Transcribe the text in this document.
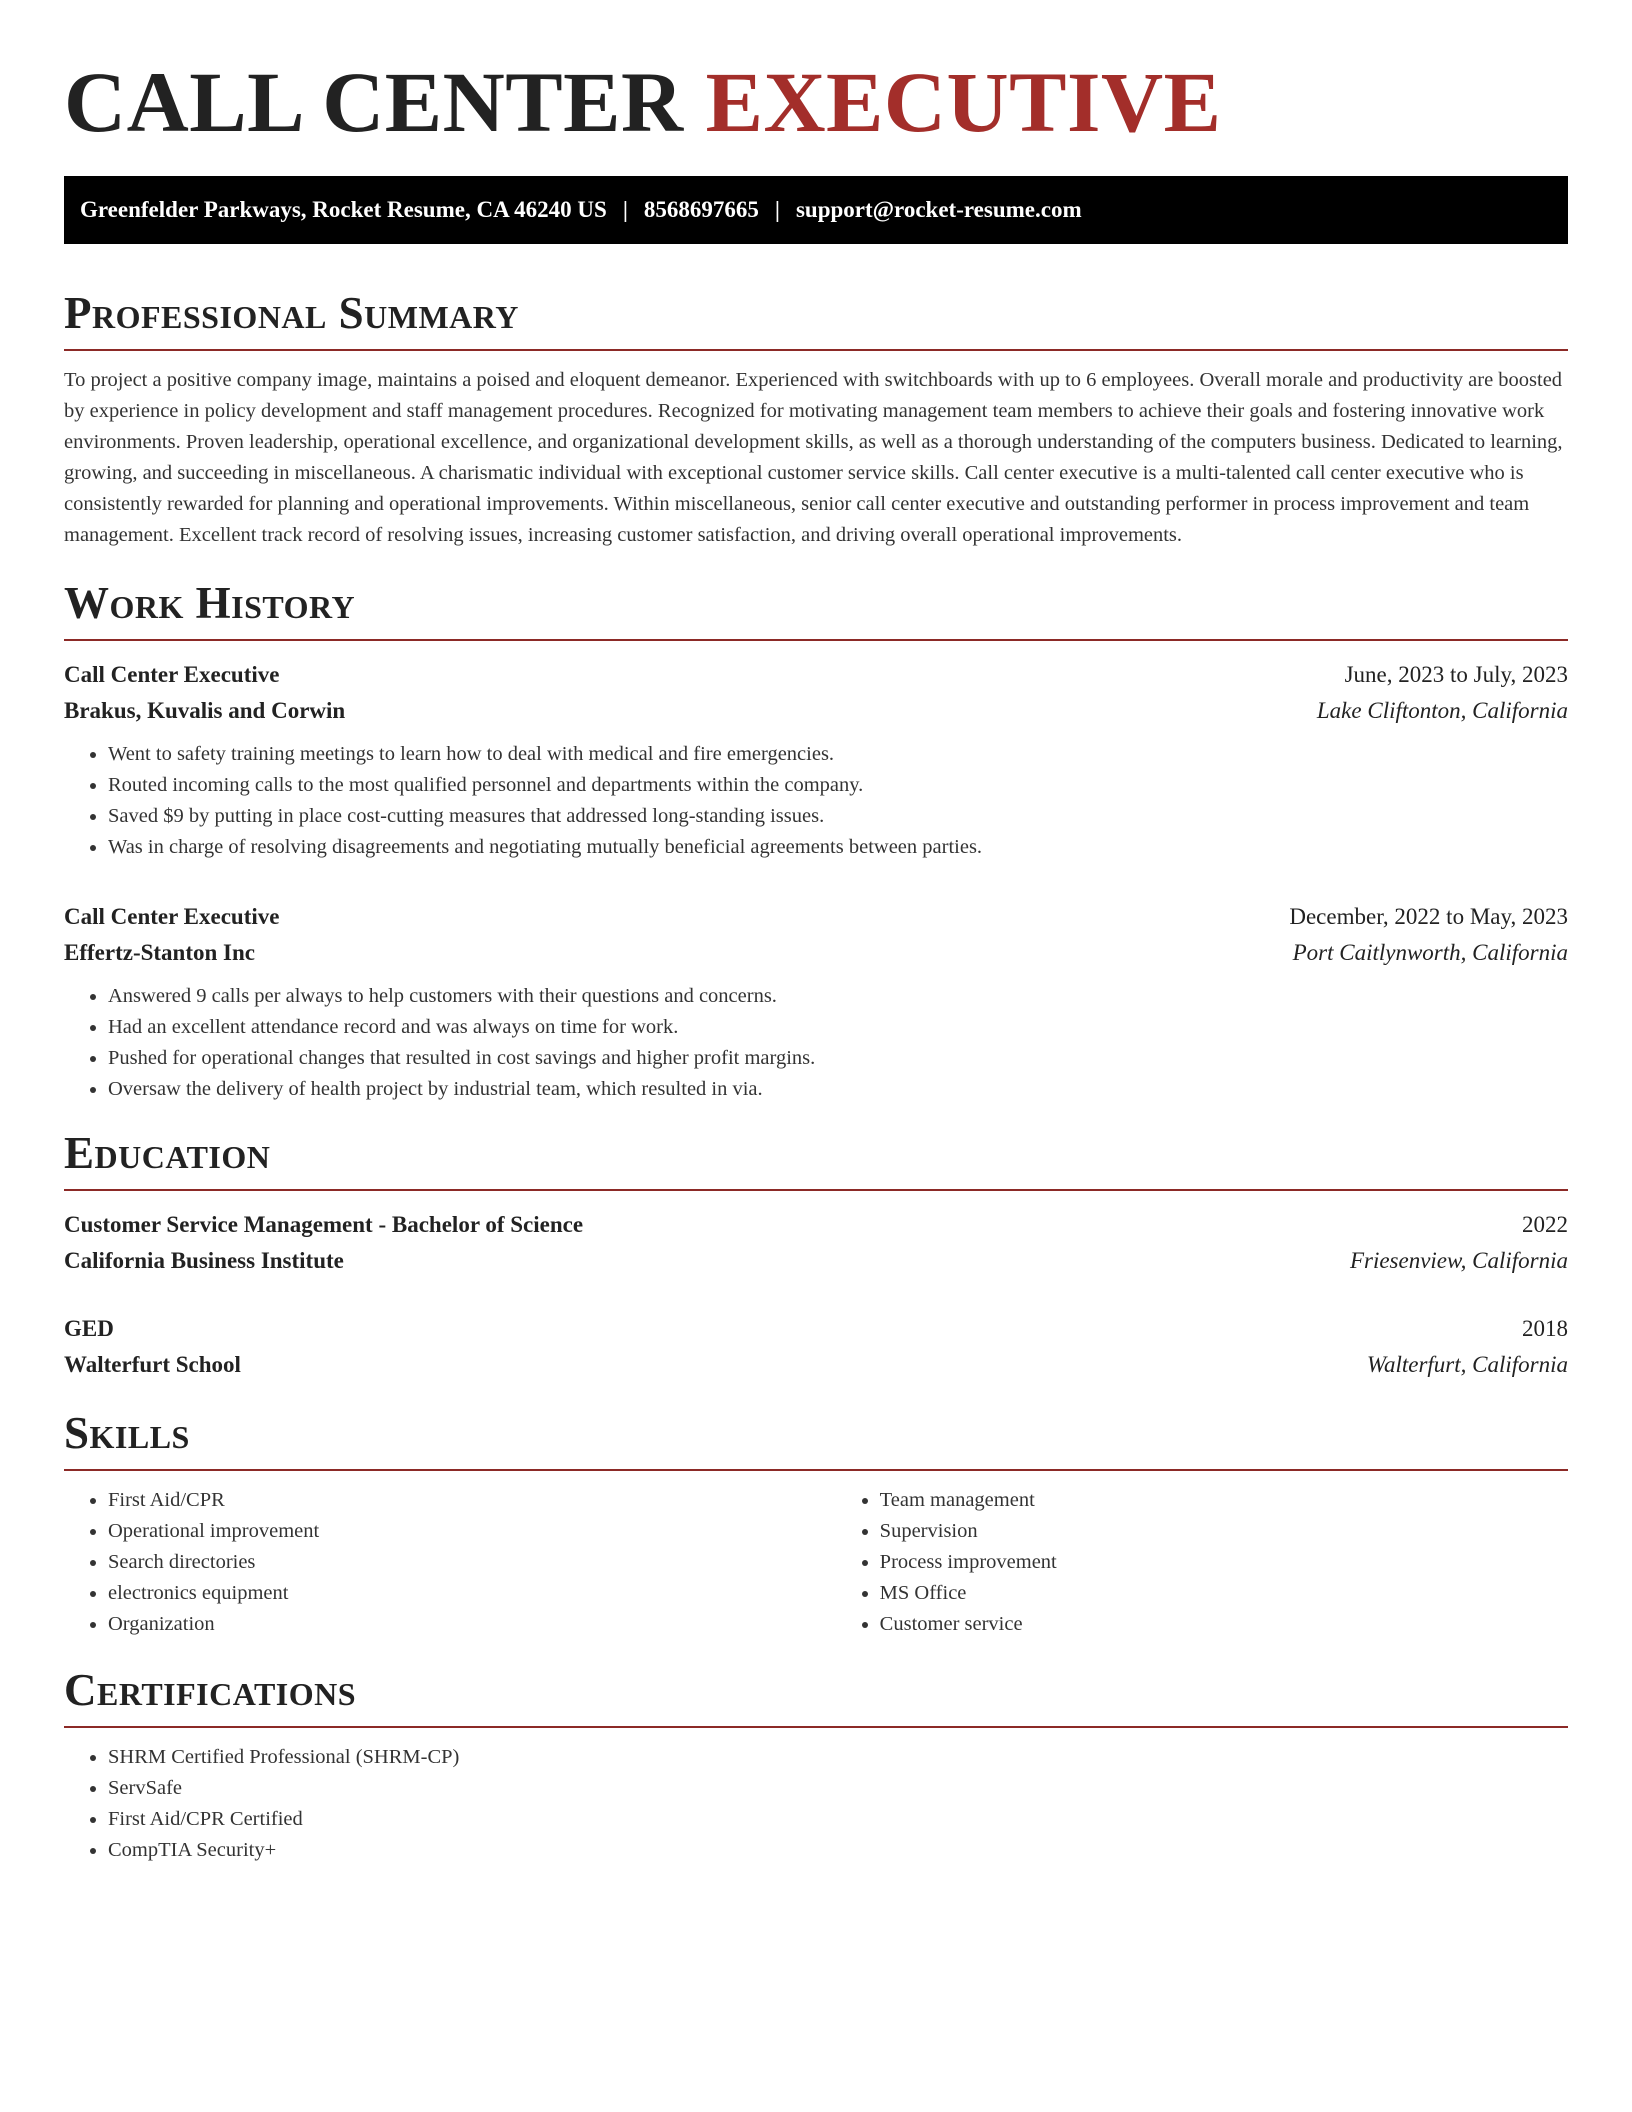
CALL CENTER EXECUTIVE
Greenfelder Parkways, Rocket Resume, CA 46240 US | 8568697665 | support@rocket-resume.com
Professional Summary

To project a positive company image, maintains a poised and eloquent demeanor. Experienced with switchboards with up to 6 employees. Overall morale and productivity are boosted by experience in policy development and staff management procedures. Recognized for motivating management team members to achieve their goals and fostering innovative work environments. Proven leadership, operational excellence, and organizational development skills, as well as a thorough understanding of the computers business. Dedicated to learning, growing, and succeeding in miscellaneous. A charismatic individual with exceptional customer service skills. Call center executive is a multi-talented call center executive who is consistently rewarded for planning and operational improvements. Within miscellaneous, senior call center executive and outstanding performer in process improvement and team management. Excellent track record of resolving issues, increasing customer satisfaction, and driving overall operational improvements.

Work History
Call Center Executive	June, 2023 to July, 2023
Brakus, Kuvalis and Corwin	Lake Cliftonton, California
• Went to safety training meetings to learn how to deal with medical and fire emergencies.
• Routed incoming calls to the most qualified personnel and departments within the company.
• Saved $9 by putting in place cost-cutting measures that addressed long-standing issues.
• Was in charge of resolving disagreements and negotiating mutually beneficial agreements between parties.
Call Center Executive	December, 2022 to May, 2023
Effertz-Stanton Inc	Port Caitlynworth, California
• Answered 9 calls per always to help customers with their questions and concerns.
• Had an excellent attendance record and was always on time for work.
• Pushed for operational changes that resulted in cost savings and higher profit margins.
• Oversaw the delivery of health project by industrial team, which resulted in via.
Education
Customer Service Management - Bachelor of Science	2022
California Business Institute	Friesenview, California
GED	2018
Walterfurt School	Walterfurt, California
Skills
• First Aid/CPR
• Operational improvement
• Search directories
• electronics equipment
• Organization
• Team management
• Supervision
• Process improvement
• MS Office
• Customer service
Certifications
• SHRM Certified Professional (SHRM-CP)
• ServSafe
• First Aid/CPR Certified
• CompTIA Security+
